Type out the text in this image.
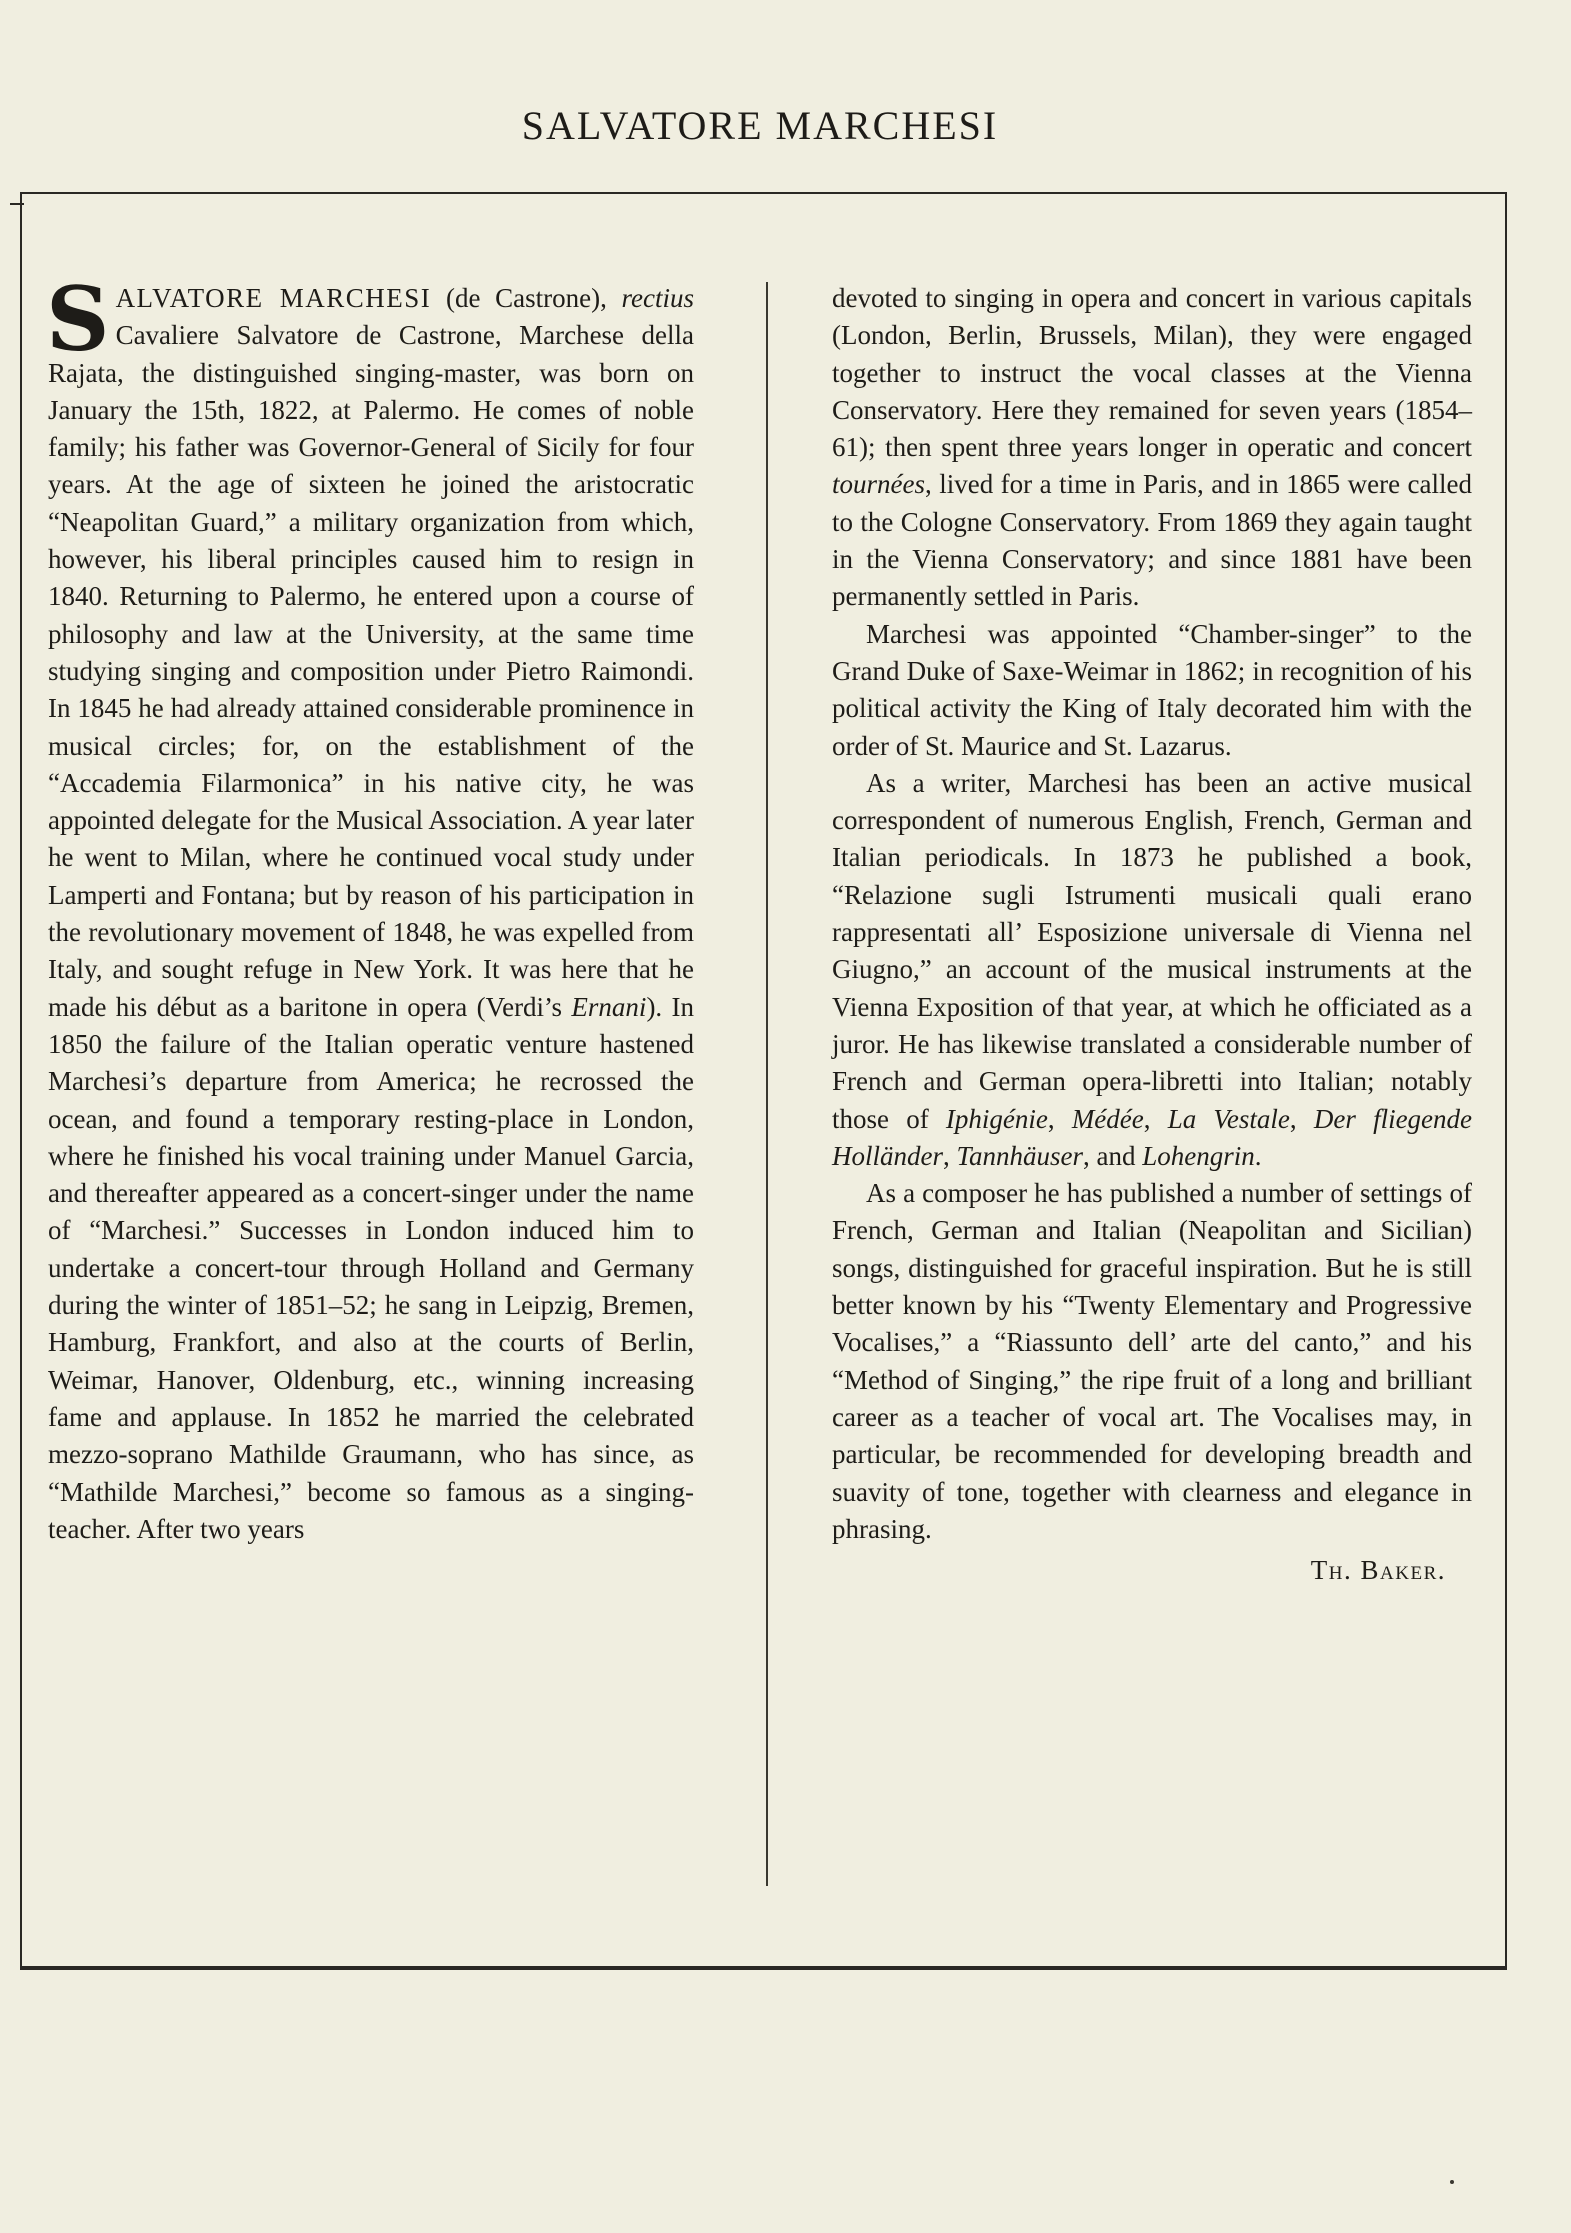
SALVATORE MARCHESI

SALVATORE MARCHESI (de Castrone), rectius Cavaliere Salvatore de Castrone, Marchese della Rajata, the distinguished singing-master, was born on January the 15th, 1822, at Palermo. He comes of noble family; his father was Governor-General of Sicily for four years. At the age of sixteen he joined the aristocratic “Neapolitan Guard,” a military organization from which, however, his liberal principles caused him to resign in 1840. Returning to Palermo, he entered upon a course of philosophy and law at the University, at the same time studying singing and composition under Pietro Raimondi. In 1845 he had already attained considerable prominence in musical circles; for, on the establishment of the “Accademia Filarmonica” in his native city, he was appointed delegate for the Musical Association. A year later he went to Milan, where he continued vocal study under Lamperti and Fontana; but by reason of his participation in the revolutionary movement of 1848, he was expelled from Italy, and sought refuge in New York. It was here that he made his début as a baritone in opera (Verdi’s Ernani). In 1850 the failure of the Italian operatic venture hastened Marchesi’s departure from America; he recrossed the ocean, and found a temporary resting-place in London, where he finished his vocal training under Manuel Garcia, and thereafter appeared as a concert-singer under the name of “Marchesi.” Successes in London induced him to undertake a concert-tour through Holland and Germany during the winter of 1851–52; he sang in Leipzig, Bremen, Hamburg, Frankfort, and also at the courts of Berlin, Weimar, Hanover, Oldenburg, etc., winning increasing fame and applause. In 1852 he married the celebrated mezzo-soprano Mathilde Graumann, who has since, as “Mathilde Marchesi,” become so famous as a singing-teacher. After two years

devoted to singing in opera and concert in various capitals (London, Berlin, Brussels, Milan), they were engaged together to instruct the vocal classes at the Vienna Conservatory. Here they remained for seven years (1854–61); then spent three years longer in operatic and concert tournées, lived for a time in Paris, and in 1865 were called to the Cologne Conservatory. From 1869 they again taught in the Vienna Conservatory; and since 1881 have been permanently settled in Paris.

Marchesi was appointed “Chamber-singer” to the Grand Duke of Saxe-Weimar in 1862; in recognition of his political activity the King of Italy decorated him with the order of St. Maurice and St. Lazarus.

As a writer, Marchesi has been an active musical correspondent of numerous English, French, German and Italian periodicals. In 1873 he published a book, “Relazione sugli Istrumenti musicali quali erano rappresentati all’ Esposizione universale di Vienna nel Giugno,” an account of the musical instruments at the Vienna Exposition of that year, at which he officiated as a juror. He has likewise translated a considerable number of French and German opera-libretti into Italian; notably those of Iphigénie, Médée, La Vestale, Der fliegende Holländer, Tannhäuser, and Lohengrin.

As a composer he has published a number of settings of French, German and Italian (Neapolitan and Sicilian) songs, distinguished for graceful inspiration. But he is still better known by his “Twenty Elementary and Progressive Vocalises,” a “Riassunto dell’ arte del canto,” and his “Method of Singing,” the ripe fruit of a long and brilliant career as a teacher of vocal art. The Vocalises may, in particular, be recommended for developing breadth and suavity of tone, together with clearness and elegance in phrasing.

Th. Baker.
